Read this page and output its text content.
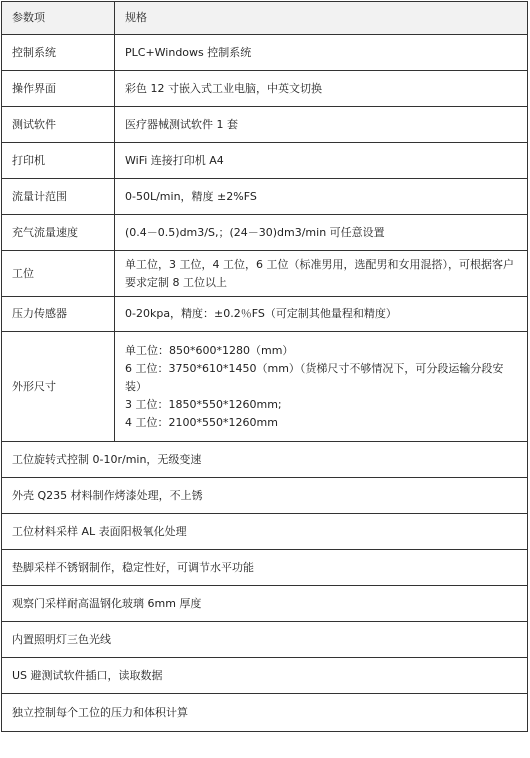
参数项	规格
控制系统	PLC+Windows 控制系统
操作界面	彩色 12 寸嵌入式工业电脑，中英文切换
测试软件	医疗器械测试软件 1 套
打印机	WiFi 连接打印机 A4
流量计范围	0-50L/min，精度 ±2%FS
充气流量速度	(0.4－0.5)dm3/S,；(24－30)dm3/min 可任意设置
工位	单工位，3 工位，4 工位，6 工位（标准男用，选配男和女用混搭），可根据客户要求定制 8 工位以上
压力传感器	0-20kpa，精度：±0.2％FS（可定制其他量程和精度）
外形尺寸	单工位：850*600*1280（mm）
6 工位：3750*610*1450（mm）（货梯尺寸不够情况下，可分段运输分段安装）
3 工位：1850*550*1260mm;
4 工位：2100*550*1260mm

工位旋转式控制 0-10r/min，无级变速	
外壳 Q235 材料制作烤漆处理，不上锈	
工位材料采样 AL 表面阳极氧化处理	
垫脚采样不锈钢制作，稳定性好，可调节水平功能	
观察门采样耐高温钢化玻璃 6mm 厚度	
内置照明灯三色光线	
US 避测试软件插口，读取数据	
独立控制每个工位的压力和体积计算	
